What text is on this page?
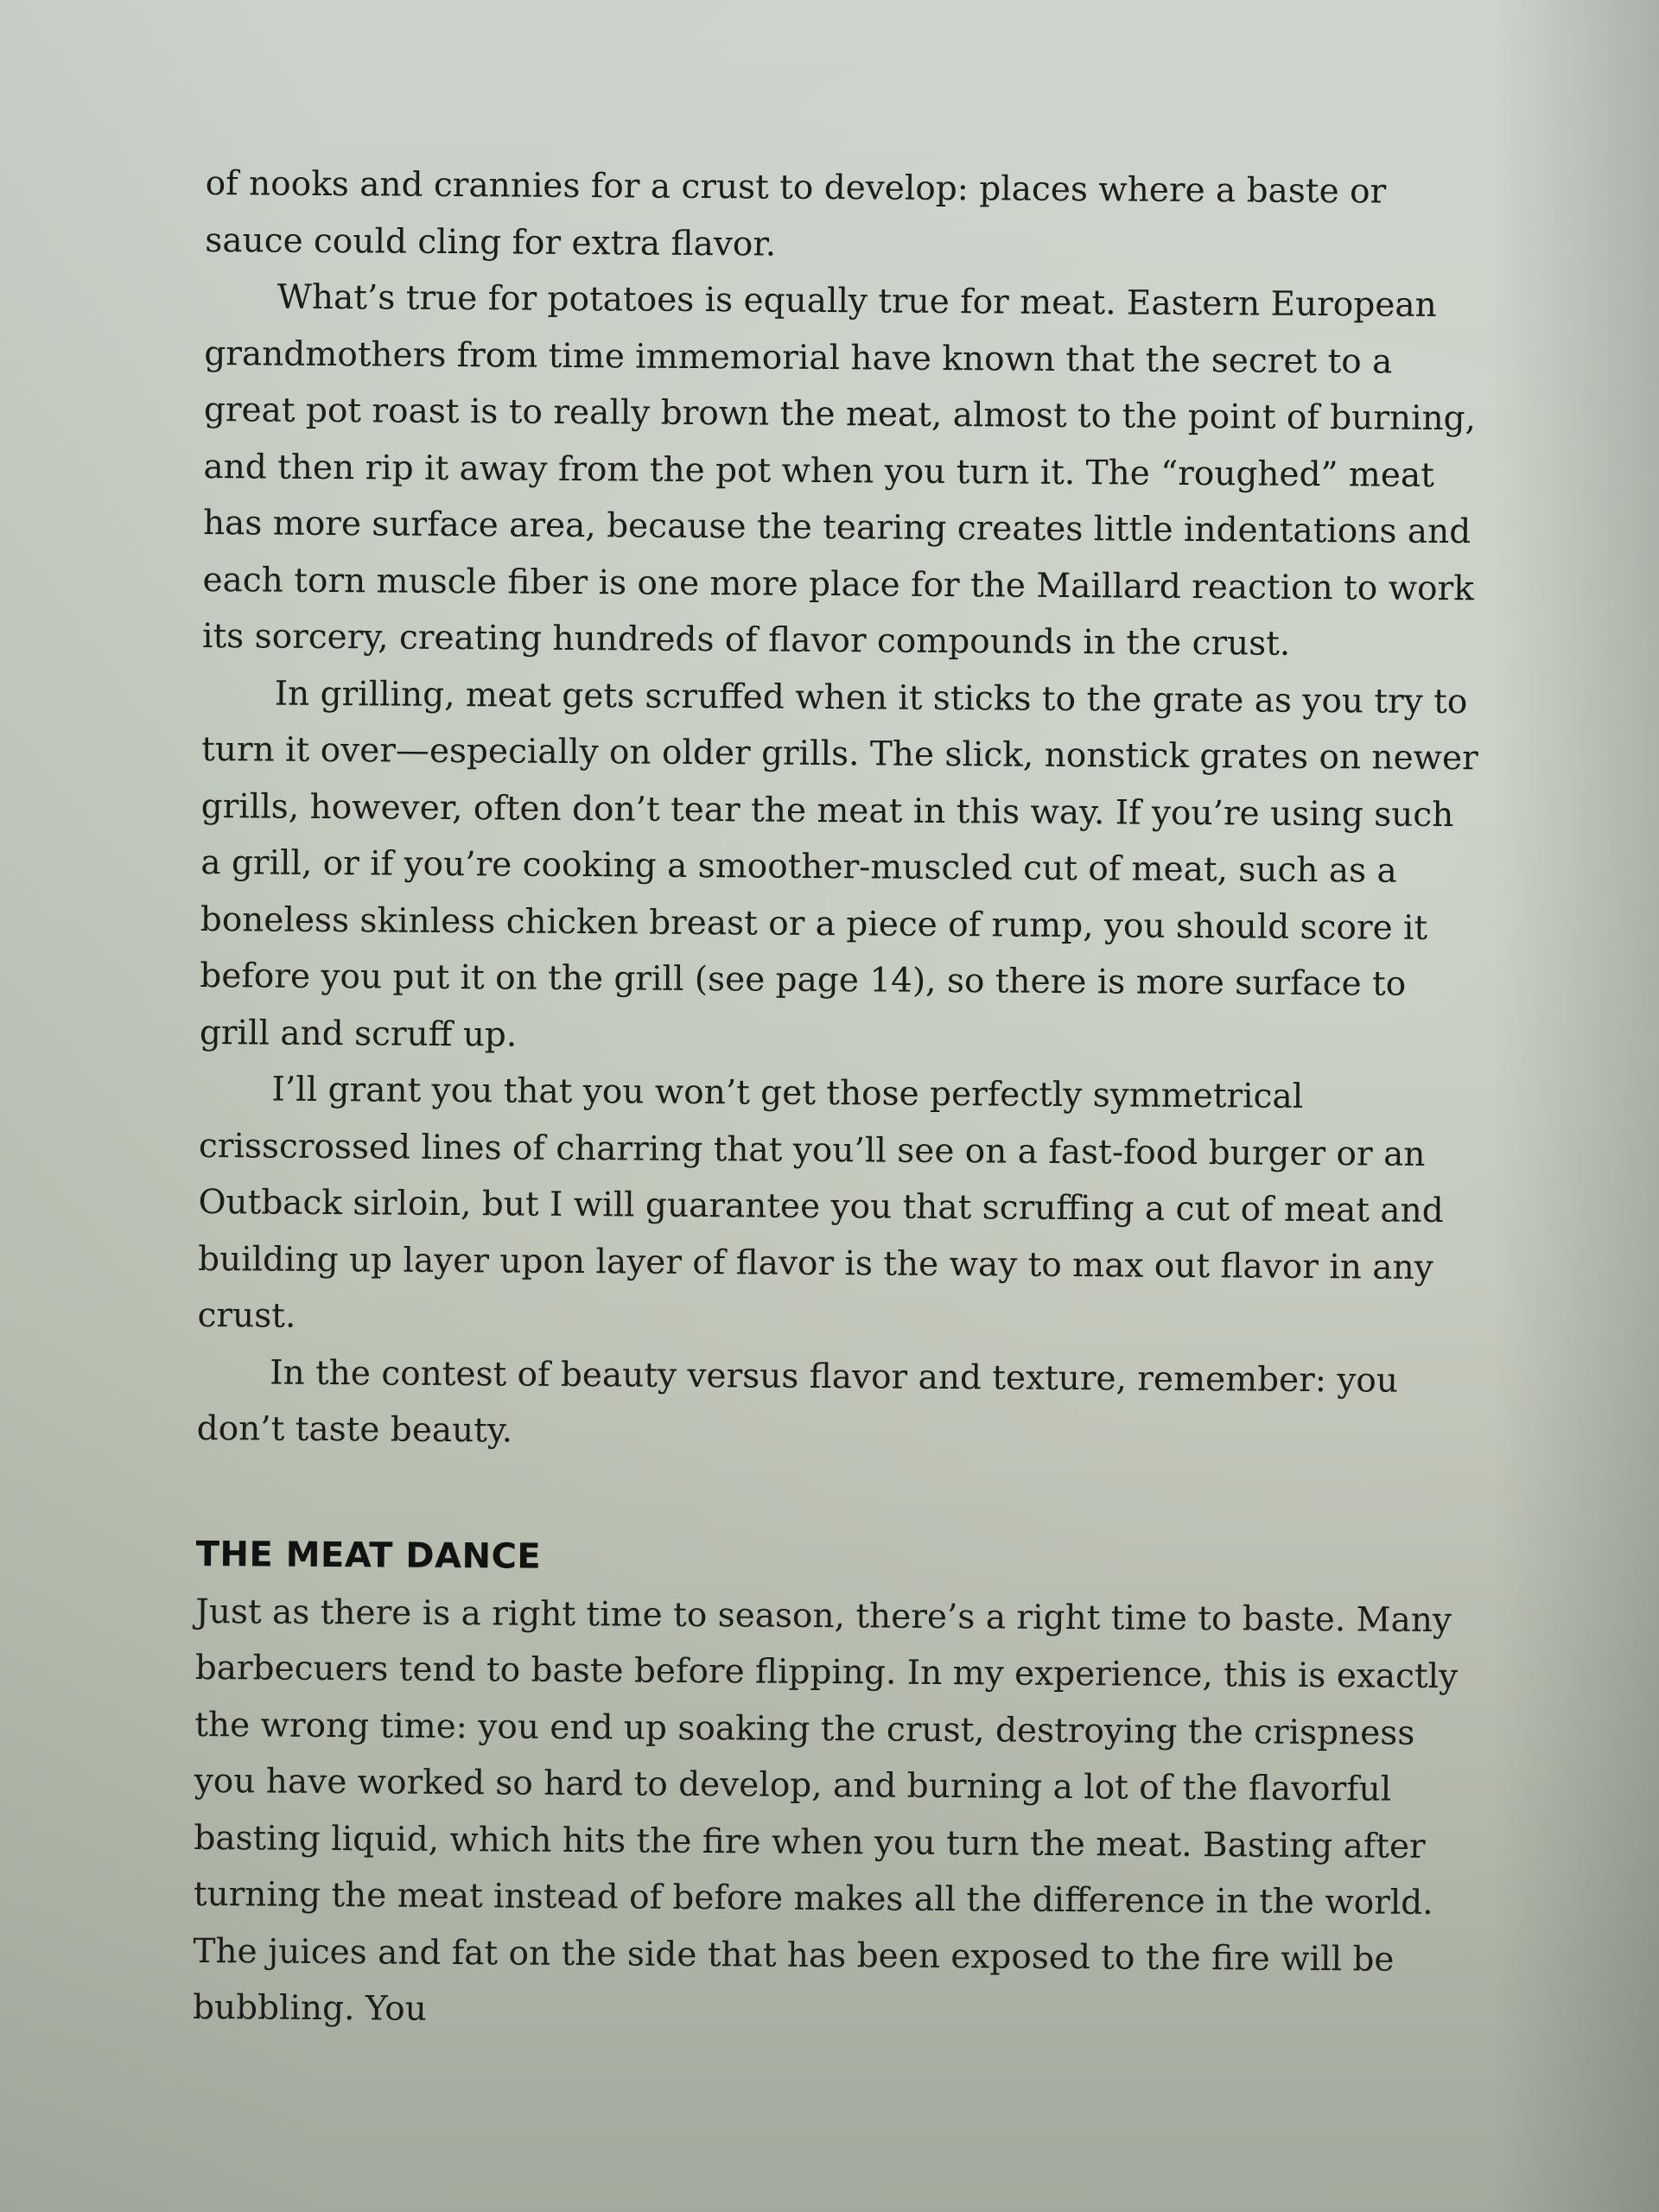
of nooks and crannies for a crust to develop: places where a baste or sauce could cling for extra flavor.

What’s true for potatoes is equally true for meat. Eastern European grandmothers from time immemorial have known that the secret to a great pot roast is to really brown the meat, almost to the point of burning, and then rip it away from the pot when you turn it. The “roughed” meat has more surface area, because the tearing creates little indentations and each torn muscle fiber is one more place for the Maillard reaction to work its sorcery, creating hundreds of flavor compounds in the crust.

In grilling, meat gets scruffed when it sticks to the grate as you try to turn it over—especially on older grills. The slick, nonstick grates on newer grills, however, often don’t tear the meat in this way. If you’re using such a grill, or if you’re cooking a smoother-muscled cut of meat, such as a boneless skinless chicken breast or a piece of rump, you should score it before you put it on the grill (see page 14), so there is more surface to grill and scruff up.

I’ll grant you that you won’t get those perfectly symmetrical crisscrossed lines of charring that you’ll see on a fast-food burger or an Outback sirloin, but I will guarantee you that scruffing a cut of meat and building up layer upon layer of flavor is the way to max out flavor in any crust.

In the contest of beauty versus flavor and texture, remember: you don’t taste beauty.

THE MEAT DANCE

Just as there is a right time to season, there’s a right time to baste. Many barbecuers tend to baste before flipping. In my experience, this is exactly the wrong time: you end up soaking the crust, destroying the crispness you have worked so hard to develop, and burning a lot of the flavorful basting liquid, which hits the fire when you turn the meat. Basting after turning the meat instead of before makes all the difference in the world. The juices and fat on the side that has been exposed to the fire will be bubbling. You
